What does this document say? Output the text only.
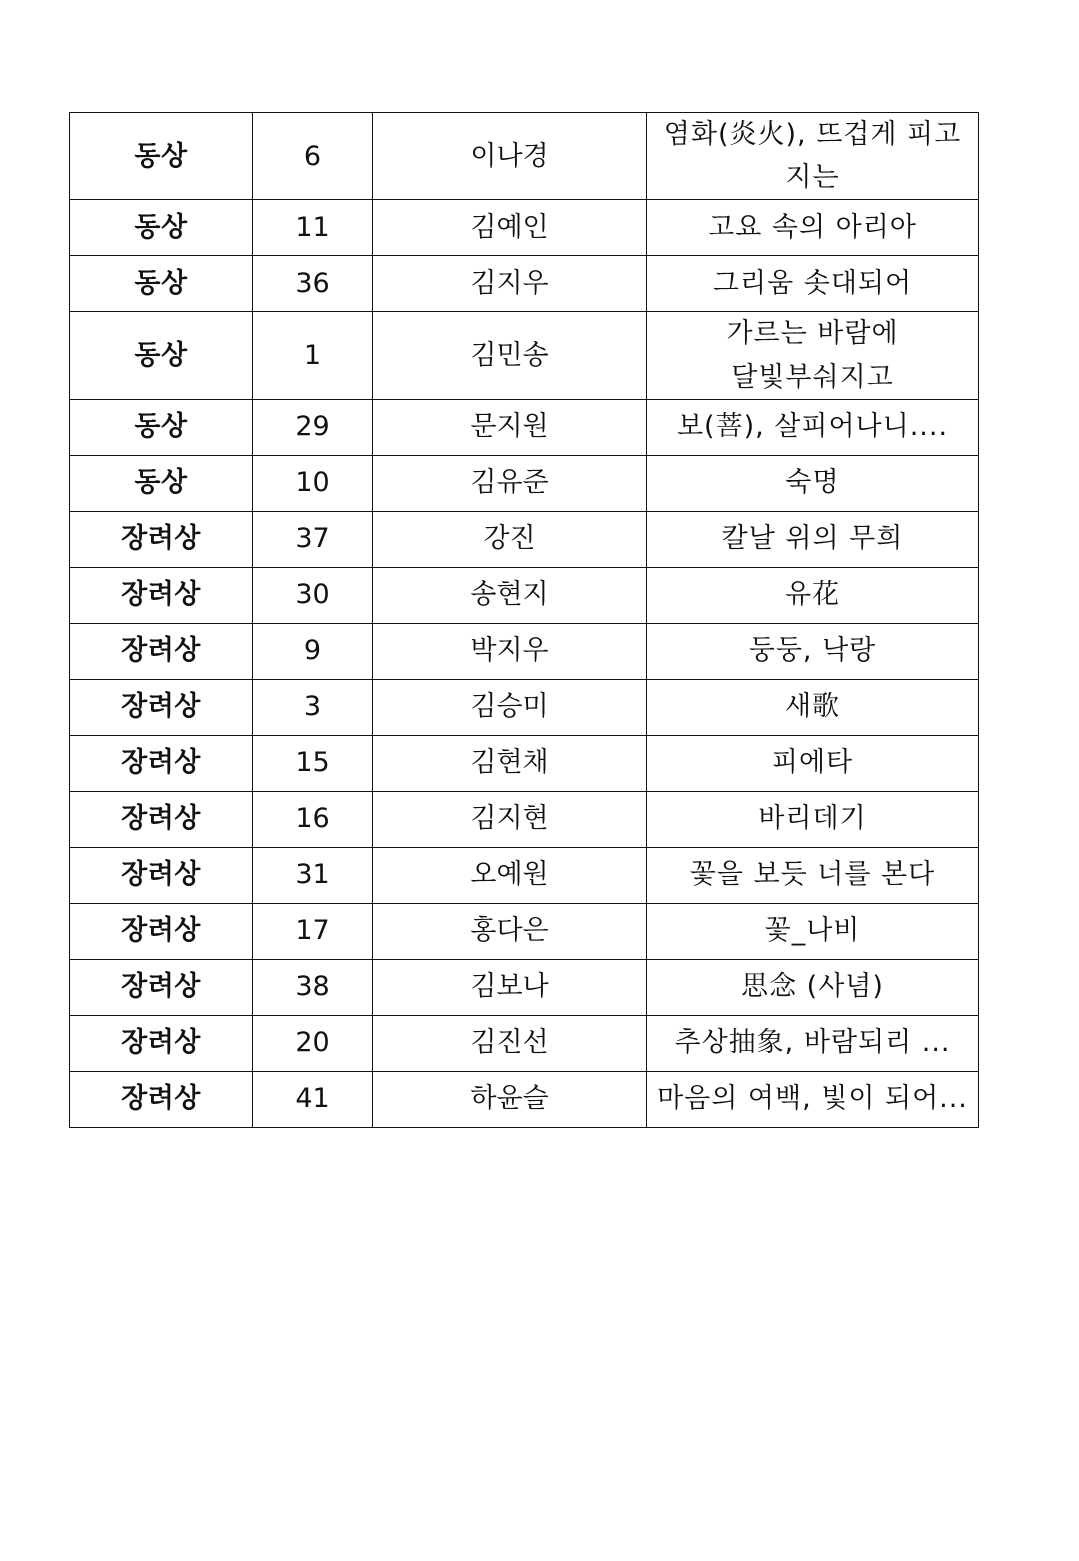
동상	6	이나경	염화(炎火), 뜨겁게 피고 지는
동상	11	김예인	고요 속의 아리아
동상	36	김지우	그리움 솟대되어
동상	1	김민송	가르는 바람에 달빛부숴지고
동상	29	문지원	보(菩), 살피어나니....
동상	10	김유준	숙명
장려상	37	강진	칼날 위의 무희
장려상	30	송현지	유花
장려상	9	박지우	둥둥, 낙랑
장려상	3	김승미	새歌
장려상	15	김현채	피에타
장려상	16	김지현	바리데기
장려상	31	오예원	꽃을 보듯 너를 본다
장려상	17	홍다은	꽃_나비
장려상	38	김보나	思念 (사념)
장려상	20	김진선	추상抽象, 바람되리 ...
장려상	41	하윤슬	마음의 여백, 빛이 되어...
